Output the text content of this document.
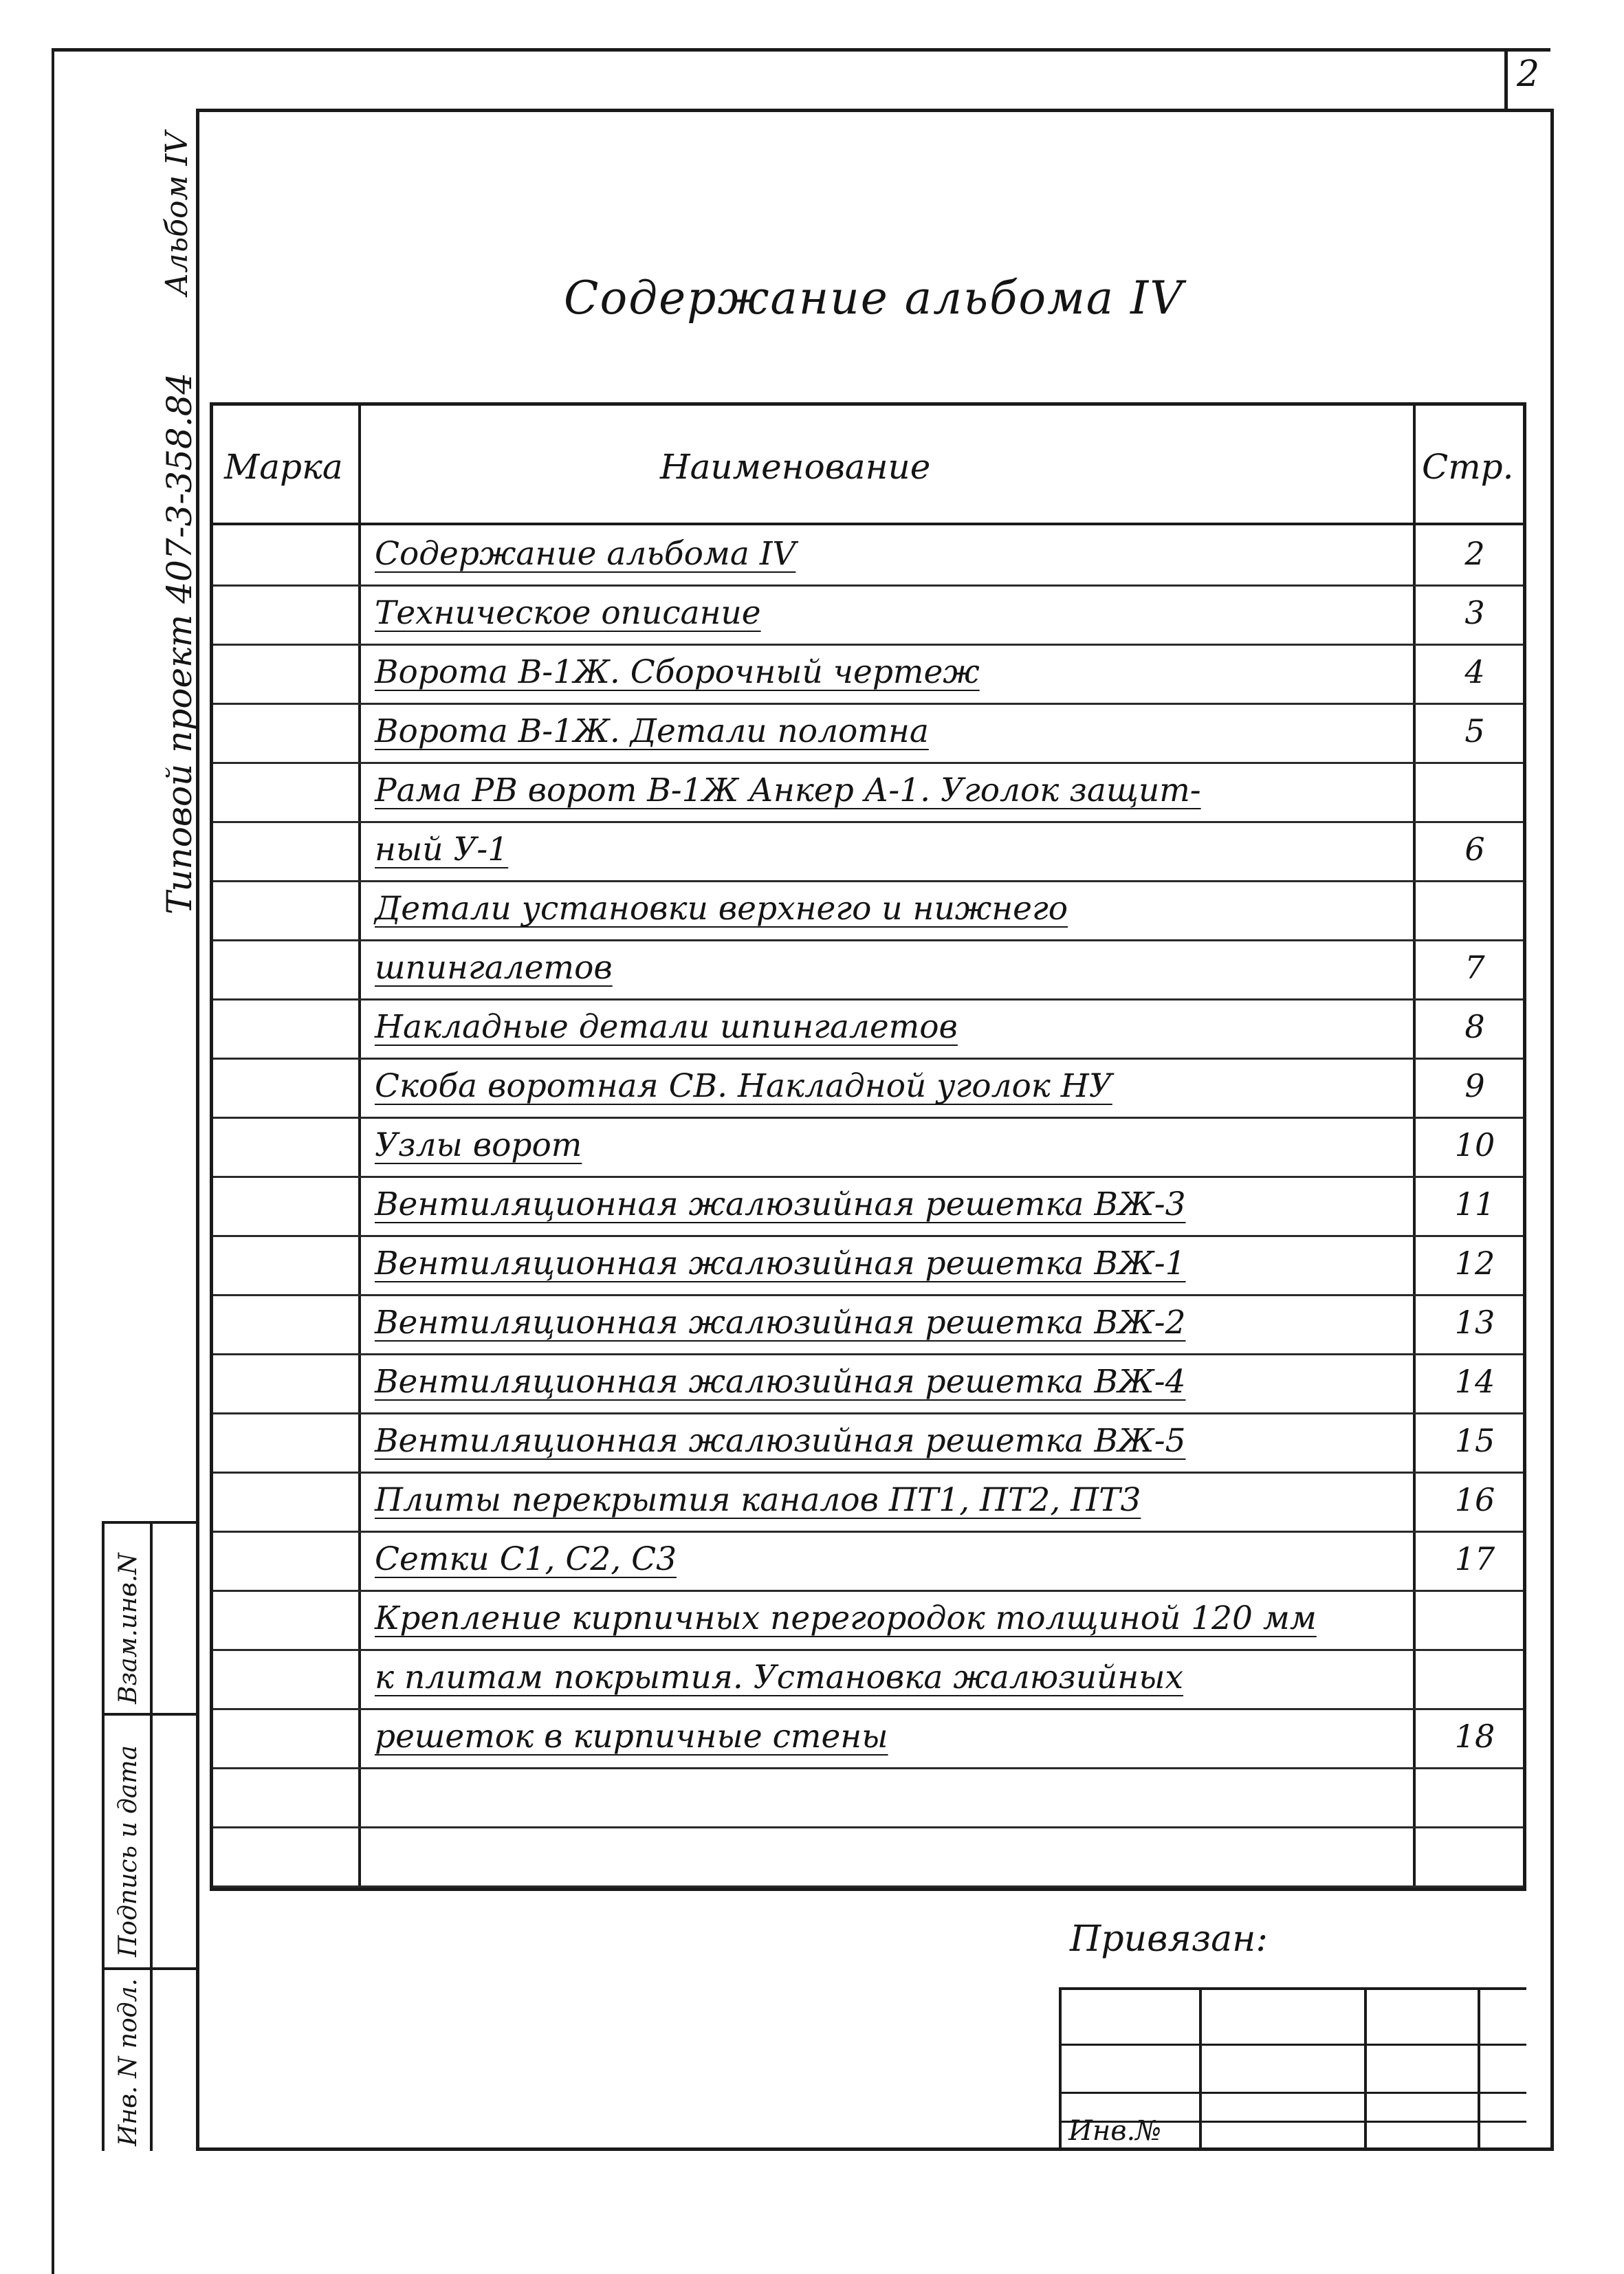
2
Альбом IV
Типовой проект 407-3-358.84
Взам.инв.N
Подпись и дата
Инв. N подл.
Содержание альбома IV
Марка	Наименование	Стр.
Содержание альбома IV	2
Техническое описание	3
Ворота В-1Ж. Сборочный чертеж	4
Ворота В-1Ж. Детали полотна	5
Рама РВ ворот В-1Ж Анкер А-1. Уголок защит-
ный У-1	6
Детали установки верхнего и нижнего
шпингалетов	7
Накладные детали шпингалетов	8
Скоба воротная СВ. Накладной уголок НУ	9
Узлы ворот	10
Вентиляционная жалюзийная решетка ВЖ-3	11
Вентиляционная жалюзийная решетка ВЖ-1	12
Вентиляционная жалюзийная решетка ВЖ-2	13
Вентиляционная жалюзийная решетка ВЖ-4	14
Вентиляционная жалюзийная решетка ВЖ-5	15
Плиты перекрытия каналов ПТ1, ПТ2, ПТ3	16
Сетки С1, С2, С3	17
Крепление кирпичных перегородок толщиной 120 мм
к плитам покрытия. Установка жалюзийных
решеток в кирпичные стены	18
Привязан:
Инв.№
